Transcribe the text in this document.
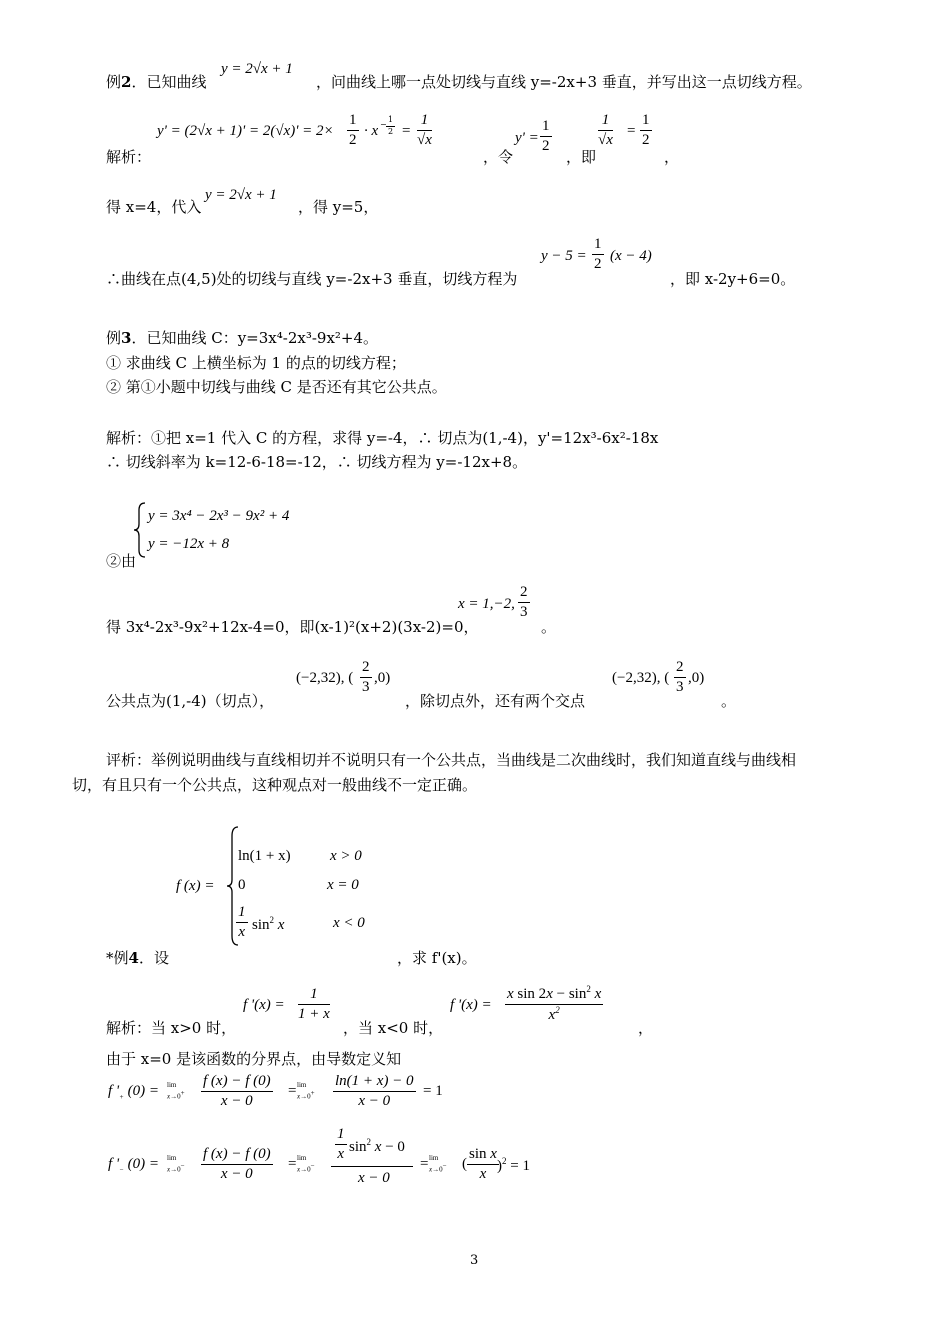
例2．已知曲线
y = 2√x + 1
，问曲线上哪一点处切线与直线 y=-2x+3 垂直，并写出这一点切线方程。
y' = (2√x + 1)' = 2(√x)' = 2×
1
2
· x −
1
2 =
1
√x
解析：	，令
y' =
1
2
，即
1
√x
=
1
2
，
得 x=4，代入
y = 2√x + 1
，得 y=5，
y − 5 =
1
2 (x − 4)
∴曲线在点(4,5)处的切线与直线 y=-2x+3 垂直，切线方程为	，即 x-2y+6=0。
例3．已知曲线 C：y=3x⁴-2x³-9x²+4。
① 求曲线 C 上横坐标为 1 的点的切线方程；
② 第①小题中切线与曲线 C 是否还有其它公共点。
解析：①把 x=1 代入 C 的方程，求得 y=-4，∴ 切点为(1,-4)，y'=12x³-6x²-18x
∴ 切线斜率为 k=12-6-18=-12，∴ 切线方程为 y=-12x+8。
y = 3x⁴ − 2x³ − 9x² + 4
y = −12x + 8
②由
x = 1,−2,
2
3
得 3x⁴-2x³-9x²+12x-4=0，即(x-1)²(x+2)(3x-2)=0，	。
(−2,32), (
2
3
,0)
公共点为(1,-4)（切点），	，除切点外，还有两个交点
(−2,32), (
2
3
,0)
。
评析：举例说明曲线与直线相切并不说明只有一个公共点，当曲线是二次曲线时，我们知道直线与曲线相
切，有且只有一个公共点，这种观点对一般曲线不一定正确。
f (x) =
ln(1 + x)	x > 0
0	x = 0
1
x $\sin^2 x$	x < 0
*例4．设	，求 f'(x)。
f '(x) =
1
1 + x
f '(x) =
x $\sin 2x - \sin^2 x$
$x^2$
解析：当 x>0 时，	，当 x<0 时，	，
由于 x=0 是该函数的分界点，由导数定义知
f '$_+$ (0) = lim
x→0+
f (x) − f (0)
x − 0
= lim
x→0+
ln(1 + x) − 0
x − 0
= 1
f '$_-$ (0) = lim
x→0−
f (x) − f (0)
x − 0
= lim
x→0−
1
x $\sin^2 x - 0$
x − 0
= lim
x→0− (
sin x
x )$^2$ = 1
3
